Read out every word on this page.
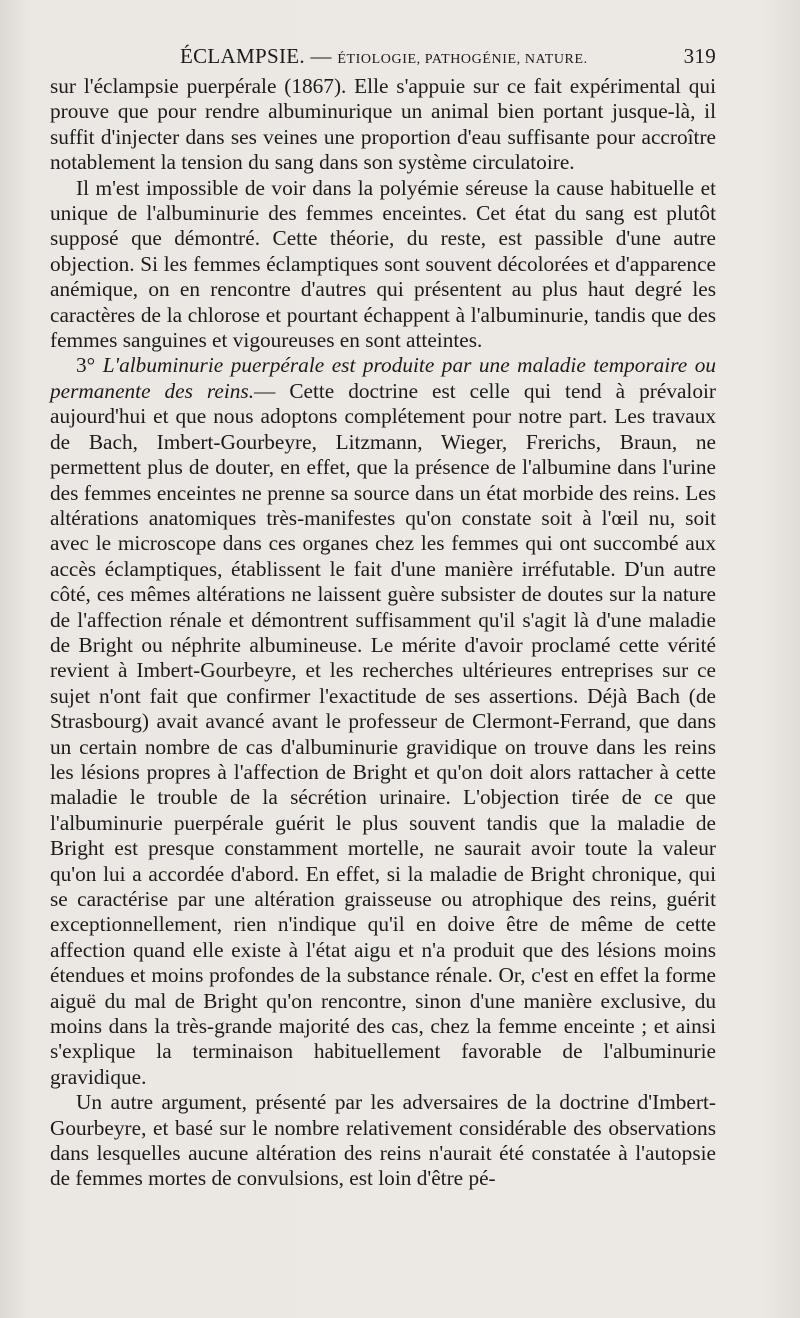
ÉCLAMPSIE. — ÉTIOLOGIE, PATHOGÉNIE, NATURE.	319

sur l'éclampsie puerpérale (1867). Elle s'appuie sur ce fait expérimental qui prouve que pour rendre albuminurique un animal bien portant jusque-là, il suffit d'injecter dans ses veines une proportion d'eau suffisante pour accroître notablement la tension du sang dans son système circulatoire.

Il m'est impossible de voir dans la polyémie séreuse la cause habituelle et unique de l'albuminurie des femmes enceintes. Cet état du sang est plutôt supposé que démontré. Cette théorie, du reste, est passible d'une autre objection. Si les femmes éclamptiques sont souvent décolorées et d'apparence anémique, on en rencontre d'autres qui présentent au plus haut degré les caractères de la chlorose et pourtant échappent à l'albuminurie, tandis que des femmes sanguines et vigoureuses en sont atteintes.

3° L'albuminurie puerpérale est produite par une maladie temporaire ou permanente des reins.— Cette doctrine est celle qui tend à prévaloir aujourd'hui et que nous adoptons complétement pour notre part. Les travaux de Bach, Imbert-Gourbeyre, Litzmann, Wieger, Frerichs, Braun, ne permettent plus de douter, en effet, que la présence de l'albumine dans l'urine des femmes enceintes ne prenne sa source dans un état morbide des reins. Les altérations anatomiques très-manifestes qu'on constate soit à l'œil nu, soit avec le microscope dans ces organes chez les femmes qui ont succombé aux accès éclamptiques, établissent le fait d'une manière irréfutable. D'un autre côté, ces mêmes altérations ne laissent guère subsister de doutes sur la nature de l'affection rénale et démontrent suffisamment qu'il s'agit là d'une maladie de Bright ou néphrite albumineuse. Le mérite d'avoir proclamé cette vérité revient à Imbert-Gourbeyre, et les recherches ultérieures entreprises sur ce sujet n'ont fait que confirmer l'exactitude de ses assertions. Déjà Bach (de Strasbourg) avait avancé avant le professeur de Clermont-Ferrand, que dans un certain nombre de cas d'albuminurie gravidique on trouve dans les reins les lésions propres à l'affection de Bright et qu'on doit alors rattacher à cette maladie le trouble de la sécrétion urinaire. L'objection tirée de ce que l'albuminurie puerpérale guérit le plus souvent tandis que la maladie de Bright est presque constamment mortelle, ne saurait avoir toute la valeur qu'on lui a accordée d'abord. En effet, si la maladie de Bright chronique, qui se caractérise par une altération graisseuse ou atrophique des reins, guérit exceptionnellement, rien n'indique qu'il en doive être de même de cette affection quand elle existe à l'état aigu et n'a produit que des lésions moins étendues et moins profondes de la substance rénale. Or, c'est en effet la forme aiguë du mal de Bright qu'on rencontre, sinon d'une manière exclusive, du moins dans la très-grande majorité des cas, chez la femme enceinte ; et ainsi s'explique la terminaison habituellement favorable de l'albuminurie gravidique.

Un autre argument, présenté par les adversaires de la doctrine d'Imbert-Gourbeyre, et basé sur le nombre relativement considérable des observations dans lesquelles aucune altération des reins n'aurait été constatée à l'autopsie de femmes mortes de convulsions, est loin d'être pé-
